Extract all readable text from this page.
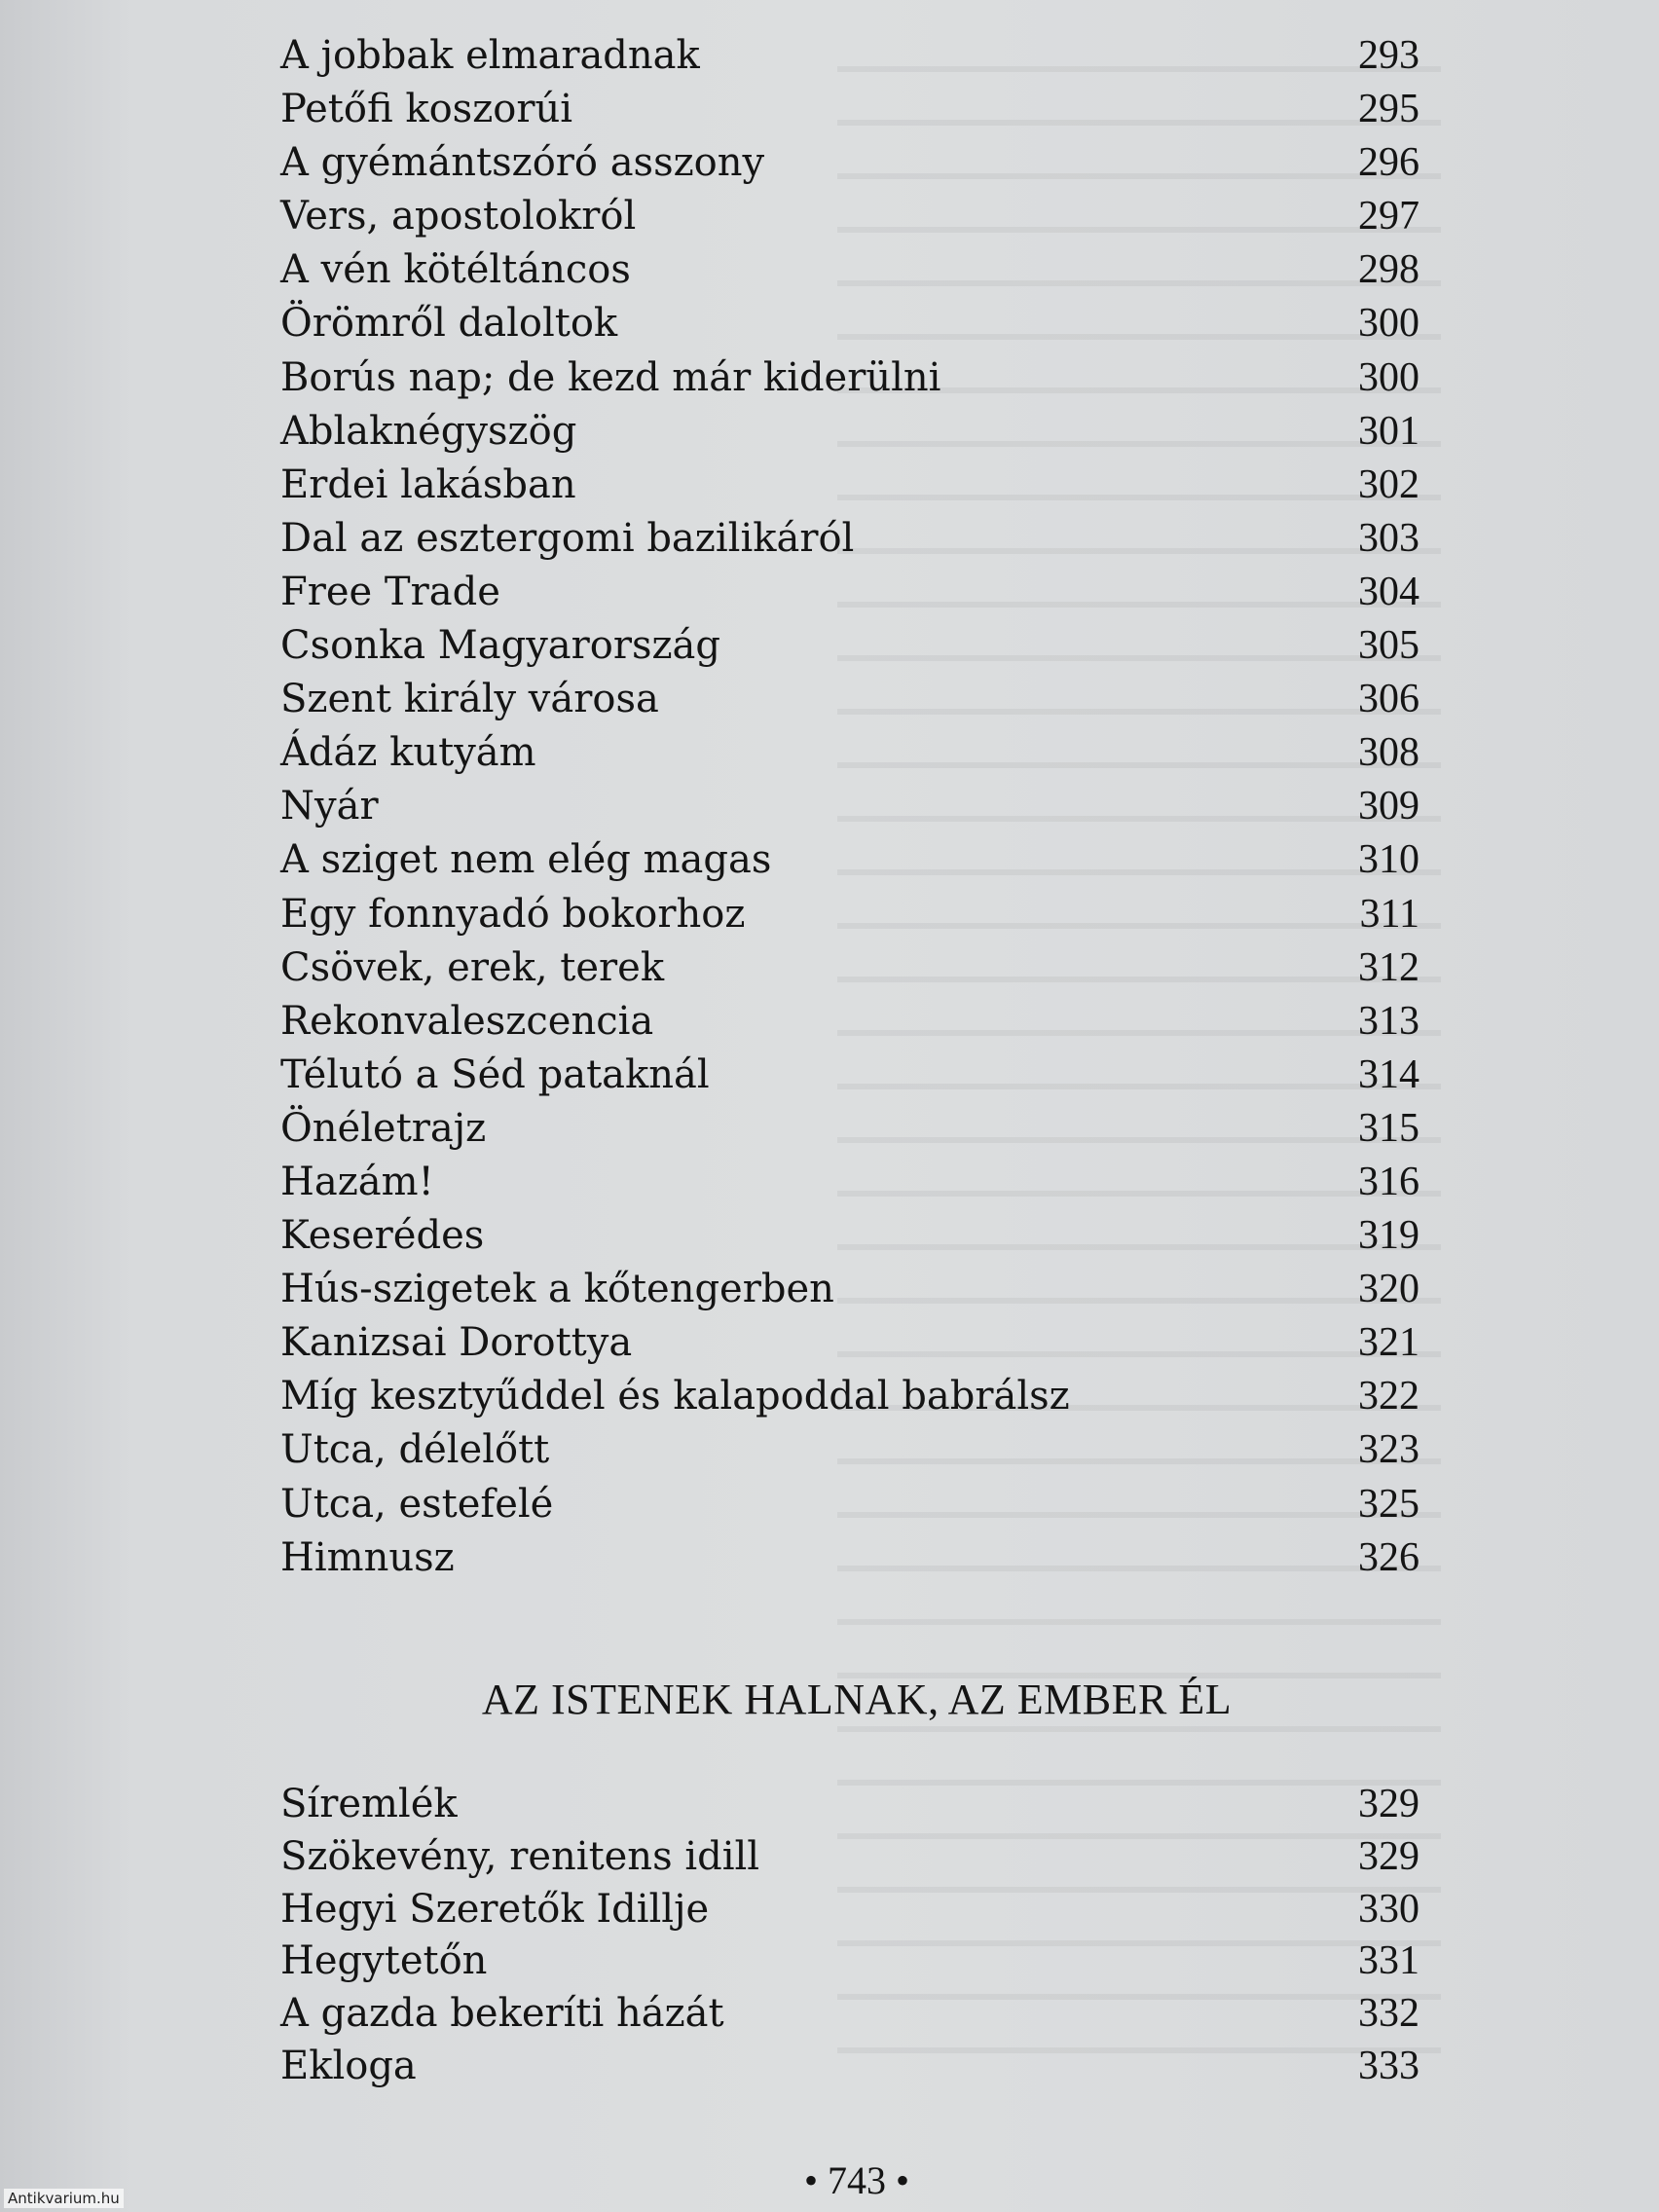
A jobbak elmaradnak	293
Petőfi koszorúi	295
A gyémántszóró asszony	296
Vers, apostolokról	297
A vén kötéltáncos	298
Örömről daloltok	300
Borús nap; de kezd már kiderülni	300
Ablaknégyszög	301
Erdei lakásban	302
Dal az esztergomi bazilikáról	303
Free Trade	304
Csonka Magyarország	305
Szent király városa	306
Ádáz kutyám	308
Nyár	309
A sziget nem elég magas	310
Egy fonnyadó bokorhoz	311
Csövek, erek, terek	312
Rekonvaleszcencia	313
Télutó a Séd pataknál	314
Önéletrajz	315
Hazám!	316
Keserédes	319
Hús-szigetek a kőtengerben	320
Kanizsai Dorottya	321
Míg kesztyűddel és kalapoddal babrálsz	322
Utca, délelőtt	323
Utca, estefelé	325
Himnusz	326
AZ ISTENEK HALNAK, AZ EMBER ÉL
Síremlék	329
Szökevény, renitens idill	329
Hegyi Szeretők Idillje	330
Hegytetőn	331
A gazda bekeríti házát	332
Ekloga	333
• 743 •
Antikvarium.hu
